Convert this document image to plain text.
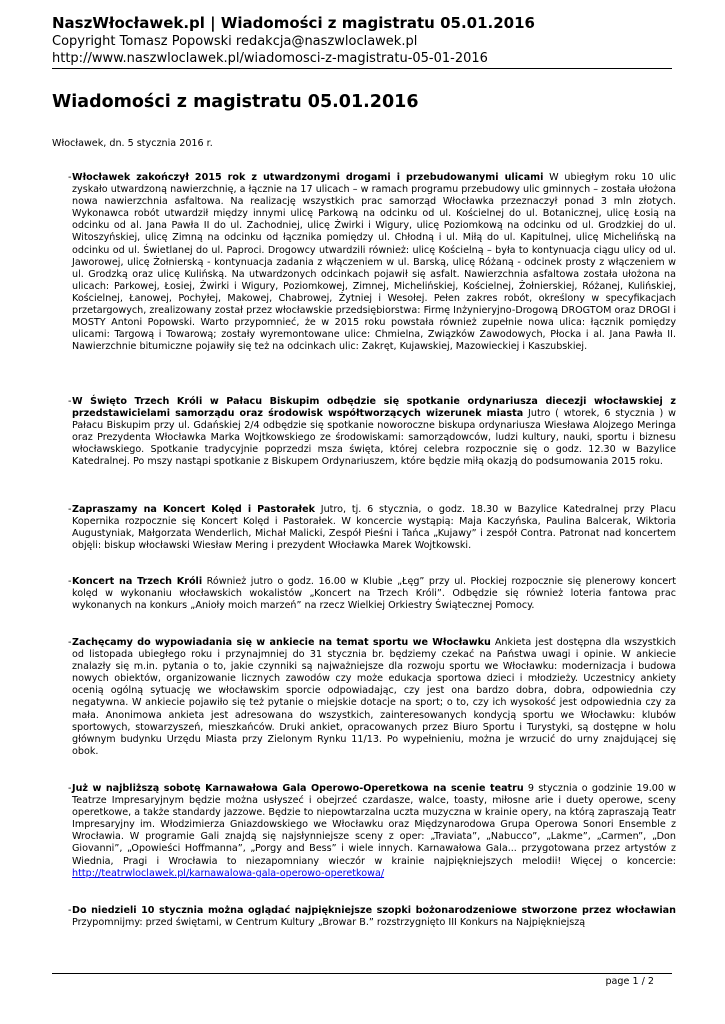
NaszWłocławek.pl | Wiadomości z magistratu 05.01.2016
Copyright Tomasz Popowski redakcja@naszwloclawek.pl
http://www.naszwloclawek.pl/wiadomosci-z-magistratu-05-01-2016
Wiadomości z magistratu 05.01.2016
Włocławek, dn. 5 stycznia 2016 r.
- Włocławek zakończył 2015 rok z utwardzonymi drogami i przebudowanymi ulicami W ubiegłym roku 10 ulic zyskało utwardzoną nawierzchnię, a łącznie na 17 ulicach – w ramach programu przebudowy ulic gminnych – została ułożona nowa nawierzchnia asfaltowa. Na realizację wszystkich prac samorząd Włocławka przeznaczył ponad 3 mln złotych. Wykonawca robót utwardził między innymi ulicę Parkową na odcinku od ul. Kościelnej do ul. Botanicznej, ulicę Łosią na odcinku od al. Jana Pawła II do ul. Zachodniej, ulicę Żwirki i Wigury, ulicę Poziomkową na odcinku od ul. Grodzkiej do ul. Witoszyńskiej, ulicę Zimną na odcinku od łącznika pomiędzy ul. Chłodną i ul. Miłą do ul. Kapitulnej, ulicę Michelińską na odcinku od ul. Świetlanej do ul. Paproci. Drogowcy utwardzili również: ulicę Kościelną – była to kontynuacja ciągu ulicy od ul. Jaworowej, ulicę Żołnierską - kontynuacja zadania z włączeniem w ul. Barską, ulicę Różaną - odcinek prosty z włączeniem w ul. Grodzką oraz ulicę Kulińską. Na utwardzonych odcinkach pojawił się asfalt. Nawierzchnia asfaltowa została ułożona na ulicach: Parkowej, Łosiej, Żwirki i Wigury, Poziomkowej, Zimnej, Michelińskiej, Kościelnej, Żołnierskiej, Różanej, Kulińskiej, Kościelnej, Łanowej, Pochyłej, Makowej, Chabrowej, Żytniej i Wesołej. Pełen zakres robót, określony w specyfikacjach przetargowych, zrealizowany został przez włocławskie przedsiębiorstwa: Firmę Inżynieryjno-Drogową DROGTOM oraz DROGI i MOSTY Antoni Popowski. Warto przypomnieć, że w 2015 roku powstała również zupełnie nowa ulica: łącznik pomiędzy ulicami: Targową i Towarową; zostały wyremontowane ulice: Chmielna, Związków Zawodowych, Płocka i al. Jana Pawła II. Nawierzchnie bitumiczne pojawiły się też na odcinkach ulic: Zakręt, Kujawskiej, Mazowieckiej i Kaszubskiej.
- W Święto Trzech Króli w Pałacu Biskupim odbędzie się spotkanie ordynariusza diecezji włocławskiej z przedstawicielami samorządu oraz środowisk współtworzących wizerunek miasta Jutro ( wtorek, 6 stycznia ) w Pałacu Biskupim przy ul. Gdańskiej 2/4 odbędzie się spotkanie noworoczne biskupa ordynariusza Wiesława Alojzego Meringa oraz Prezydenta Włocławka Marka Wojtkowskiego ze środowiskami: samorządowców, ludzi kultury, nauki, sportu i biznesu włocławskiego. Spotkanie tradycyjnie poprzedzi msza święta, której celebra rozpocznie się o godz. 12.30 w Bazylice Katedralnej. Po mszy nastąpi spotkanie z Biskupem Ordynariuszem, które będzie miłą okazją do podsumowania 2015 roku.
- Zapraszamy na Koncert Kolęd i Pastorałek Jutro, tj. 6 stycznia, o godz. 18.30 w Bazylice Katedralnej przy Placu Kopernika rozpocznie się Koncert Kolęd i Pastorałek. W koncercie wystąpią: Maja Kaczyńska, Paulina Balcerak, Wiktoria Augustyniak, Małgorzata Wenderlich, Michał Malicki, Zespół Pieśni i Tańca „Kujawy” i zespół Contra. Patronat nad koncertem objęli: biskup włocławski Wiesław Mering i prezydent Włocławka Marek Wojtkowski.
- Koncert na Trzech Króli Również jutro o godz. 16.00 w Klubie „Łęg” przy ul. Płockiej rozpocznie się plenerowy koncert kolęd w wykonaniu włocławskich wokalistów „Koncert na Trzech Króli”. Odbędzie się również loteria fantowa prac wykonanych na konkurs „Anioły moich marzeń” na rzecz Wielkiej Orkiestry Świątecznej Pomocy.
- Zachęcamy do wypowiadania się w ankiecie na temat sportu we Włocławku Ankieta jest dostępna dla wszystkich od listopada ubiegłego roku i przynajmniej do 31 stycznia br. będziemy czekać na Państwa uwagi i opinie. W ankiecie znalazły się m.in. pytania o to, jakie czynniki są najważniejsze dla rozwoju sportu we Włocławku: modernizacja i budowa nowych obiektów, organizowanie licznych zawodów czy może edukacja sportowa dzieci i młodzieży. Uczestnicy ankiety ocenią ogólną sytuację we włocławskim sporcie odpowiadając, czy jest ona bardzo dobra, dobra, odpowiednia czy negatywna. W ankiecie pojawiło się też pytanie o miejskie dotacje na sport; o to, czy ich wysokość jest odpowiednia czy za mała. Anonimowa ankieta jest adresowana do wszystkich, zainteresowanych kondycją sportu we Włocławku: klubów sportowych, stowarzyszeń, mieszkańców. Druki ankiet, opracowanych przez Biuro Sportu i Turystyki, są dostępne w holu głównym budynku Urzędu Miasta przy Zielonym Rynku 11/13. Po wypełnieniu, można je wrzucić do urny znajdującej się obok.
- Już w najbliższą sobotę Karnawałowa Gala Operowo-Operetkowa na scenie teatru 9 stycznia o godzinie 19.00 w Teatrze Impresaryjnym będzie można usłyszeć i obejrzeć czardasze, walce, toasty, miłosne arie i duety operowe, sceny operetkowe, a także standardy jazzowe. Będzie to niepowtarzalna uczta muzyczna w krainie opery, na którą zapraszają Teatr Impresaryjny im. Włodzimierza Gniazdowskiego we Włocławku oraz Międzynarodowa Grupa Operowa Sonori Ensemble z Wrocławia. W programie Gali znajdą się najsłynniejsze sceny z oper: „Traviata”, „Nabucco”, „Lakme”, „Carmen”, „Don Giovanni”, „Opowieści Hoffmanna”, „Porgy and Bess” i wiele innych. Karnawałowa Gala... przygotowana przez artystów z Wiednia, Pragi i Wrocławia to niezapomniany wieczór w krainie najpiękniejszych melodii! Więcej o koncercie: http://teatrwloclawek.pl/karnawalowa-gala-operowo-operetkowa/
- Do niedzieli 10 stycznia można oglądać najpiękniejsze szopki bożonarodzeniowe stworzone przez włocławian Przypomnijmy: przed świętami, w Centrum Kultury „Browar B.” rozstrzygnięto III Konkurs na Najpiękniejszą
page 1 / 2
